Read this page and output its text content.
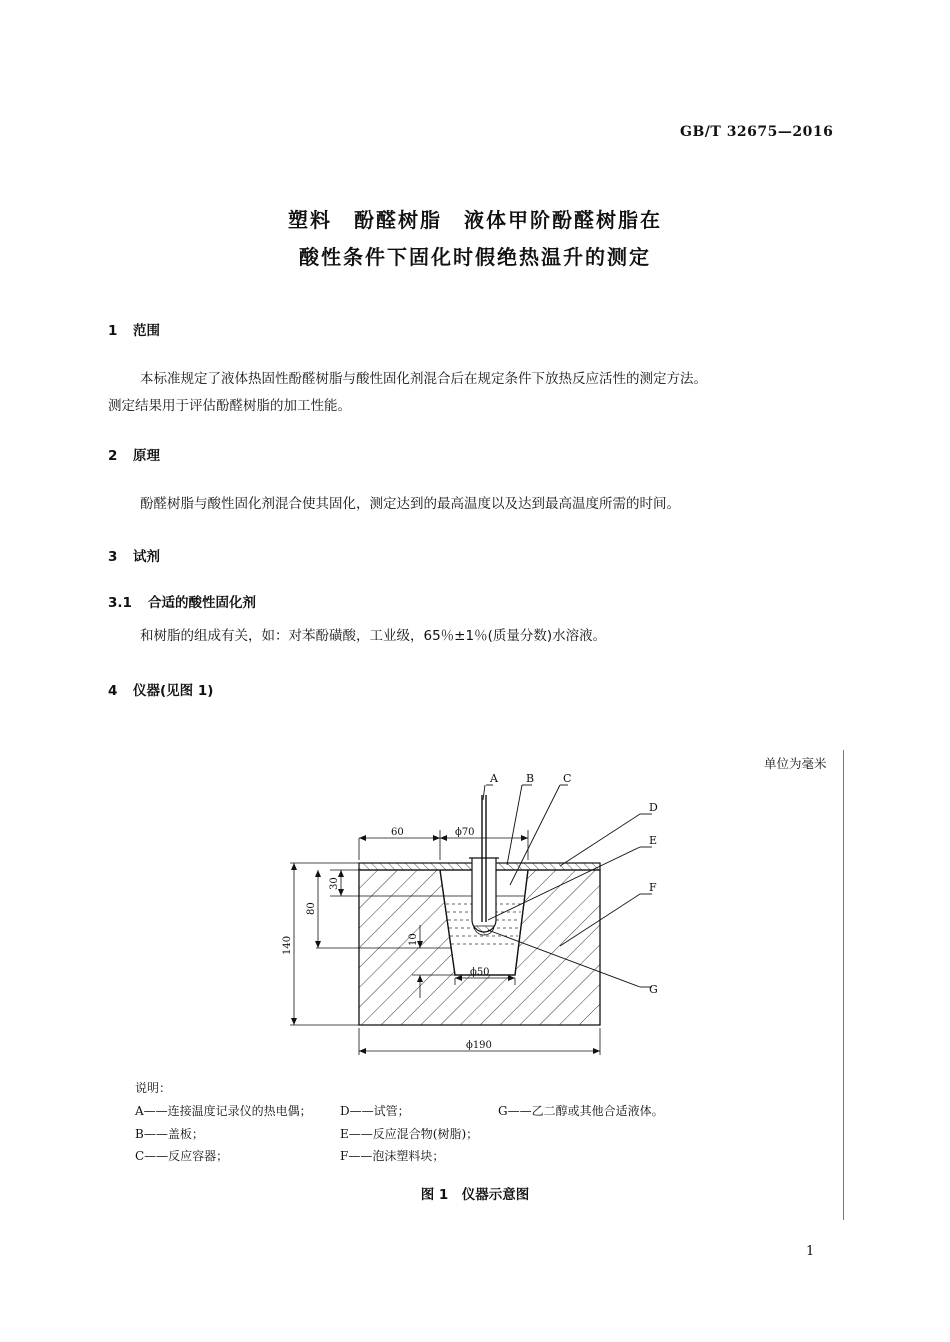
GB/T 32675—2016
塑料　酚醛树脂　液体甲阶酚醛树脂在
酸性条件下固化时假绝热温升的测定
1 范围
本标准规定了液体热固性酚醛树脂与酸性固化剂混合后在规定条件下放热反应活性的测定方法。
测定结果用于评估酚醛树脂的加工性能。
2 原理
酚醛树脂与酸性固化剂混合使其固化，测定达到的最高温度以及达到最高温度所需的时间。
3 试剂
3.1 合适的酸性固化剂
和树脂的组成有关，如：对苯酚磺酸，工业级，65％±1％(质量分数)水溶液。
4 仪器(见图 1)
单位为毫米
A	B	C
D
E
F
G
60	ϕ70
ϕ50
ϕ190
30
80
140	10
说明：
A——连接温度记录仪的热电偶； D——试管；	G——乙二醇或其他合适液体。
B——盖板；	E——反应混合物(树脂)；
C——反应容器；	F——泡沫塑料块；
图 1　仪器示意图
1
